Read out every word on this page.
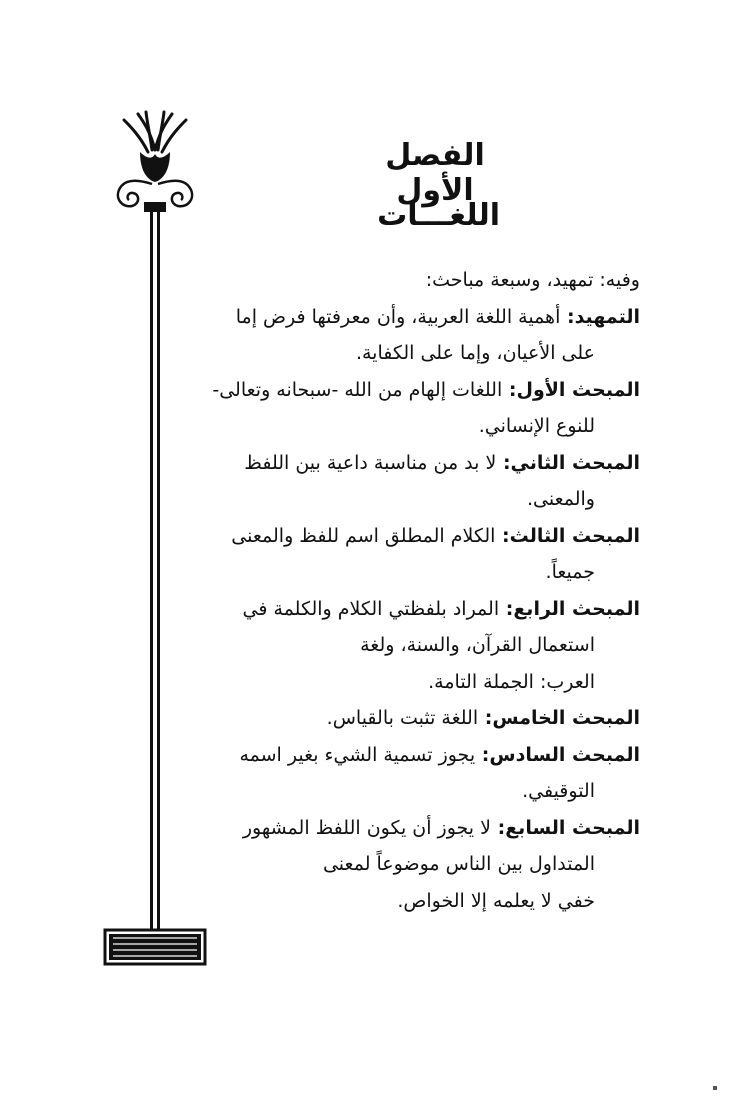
الفصل الأول
اللغـــات
وفيه: تمهيد، وسبعة مباحث:
التمهيد:أهمية اللغة العربية، وأن معرفتها فرض إما
على الأعيان، وإما على الكفاية.
المبحث الأول:اللغات إلهام من الله -سبحانه وتعالى-
للنوع الإنساني.
المبحث الثاني:لا بد من مناسبة داعية بين اللفظ
والمعنى.
المبحث الثالث:الكلام المطلق اسم للفظ والمعنى
جميعاً.
المبحث الرابع:المراد بلفظتي الكلام والكلمة في
استعمال القرآن، والسنة، ولغة
العرب: الجملة التامة.
المبحث الخامس:اللغة تثبت بالقياس.
المبحث السادس:يجوز تسمية الشيء بغير اسمه
التوقيفي.
المبحث السابع:لا يجوز أن يكون اللفظ المشهور
المتداول بين الناس موضوعاً لمعنى
خفي لا يعلمه إلا الخواص.
